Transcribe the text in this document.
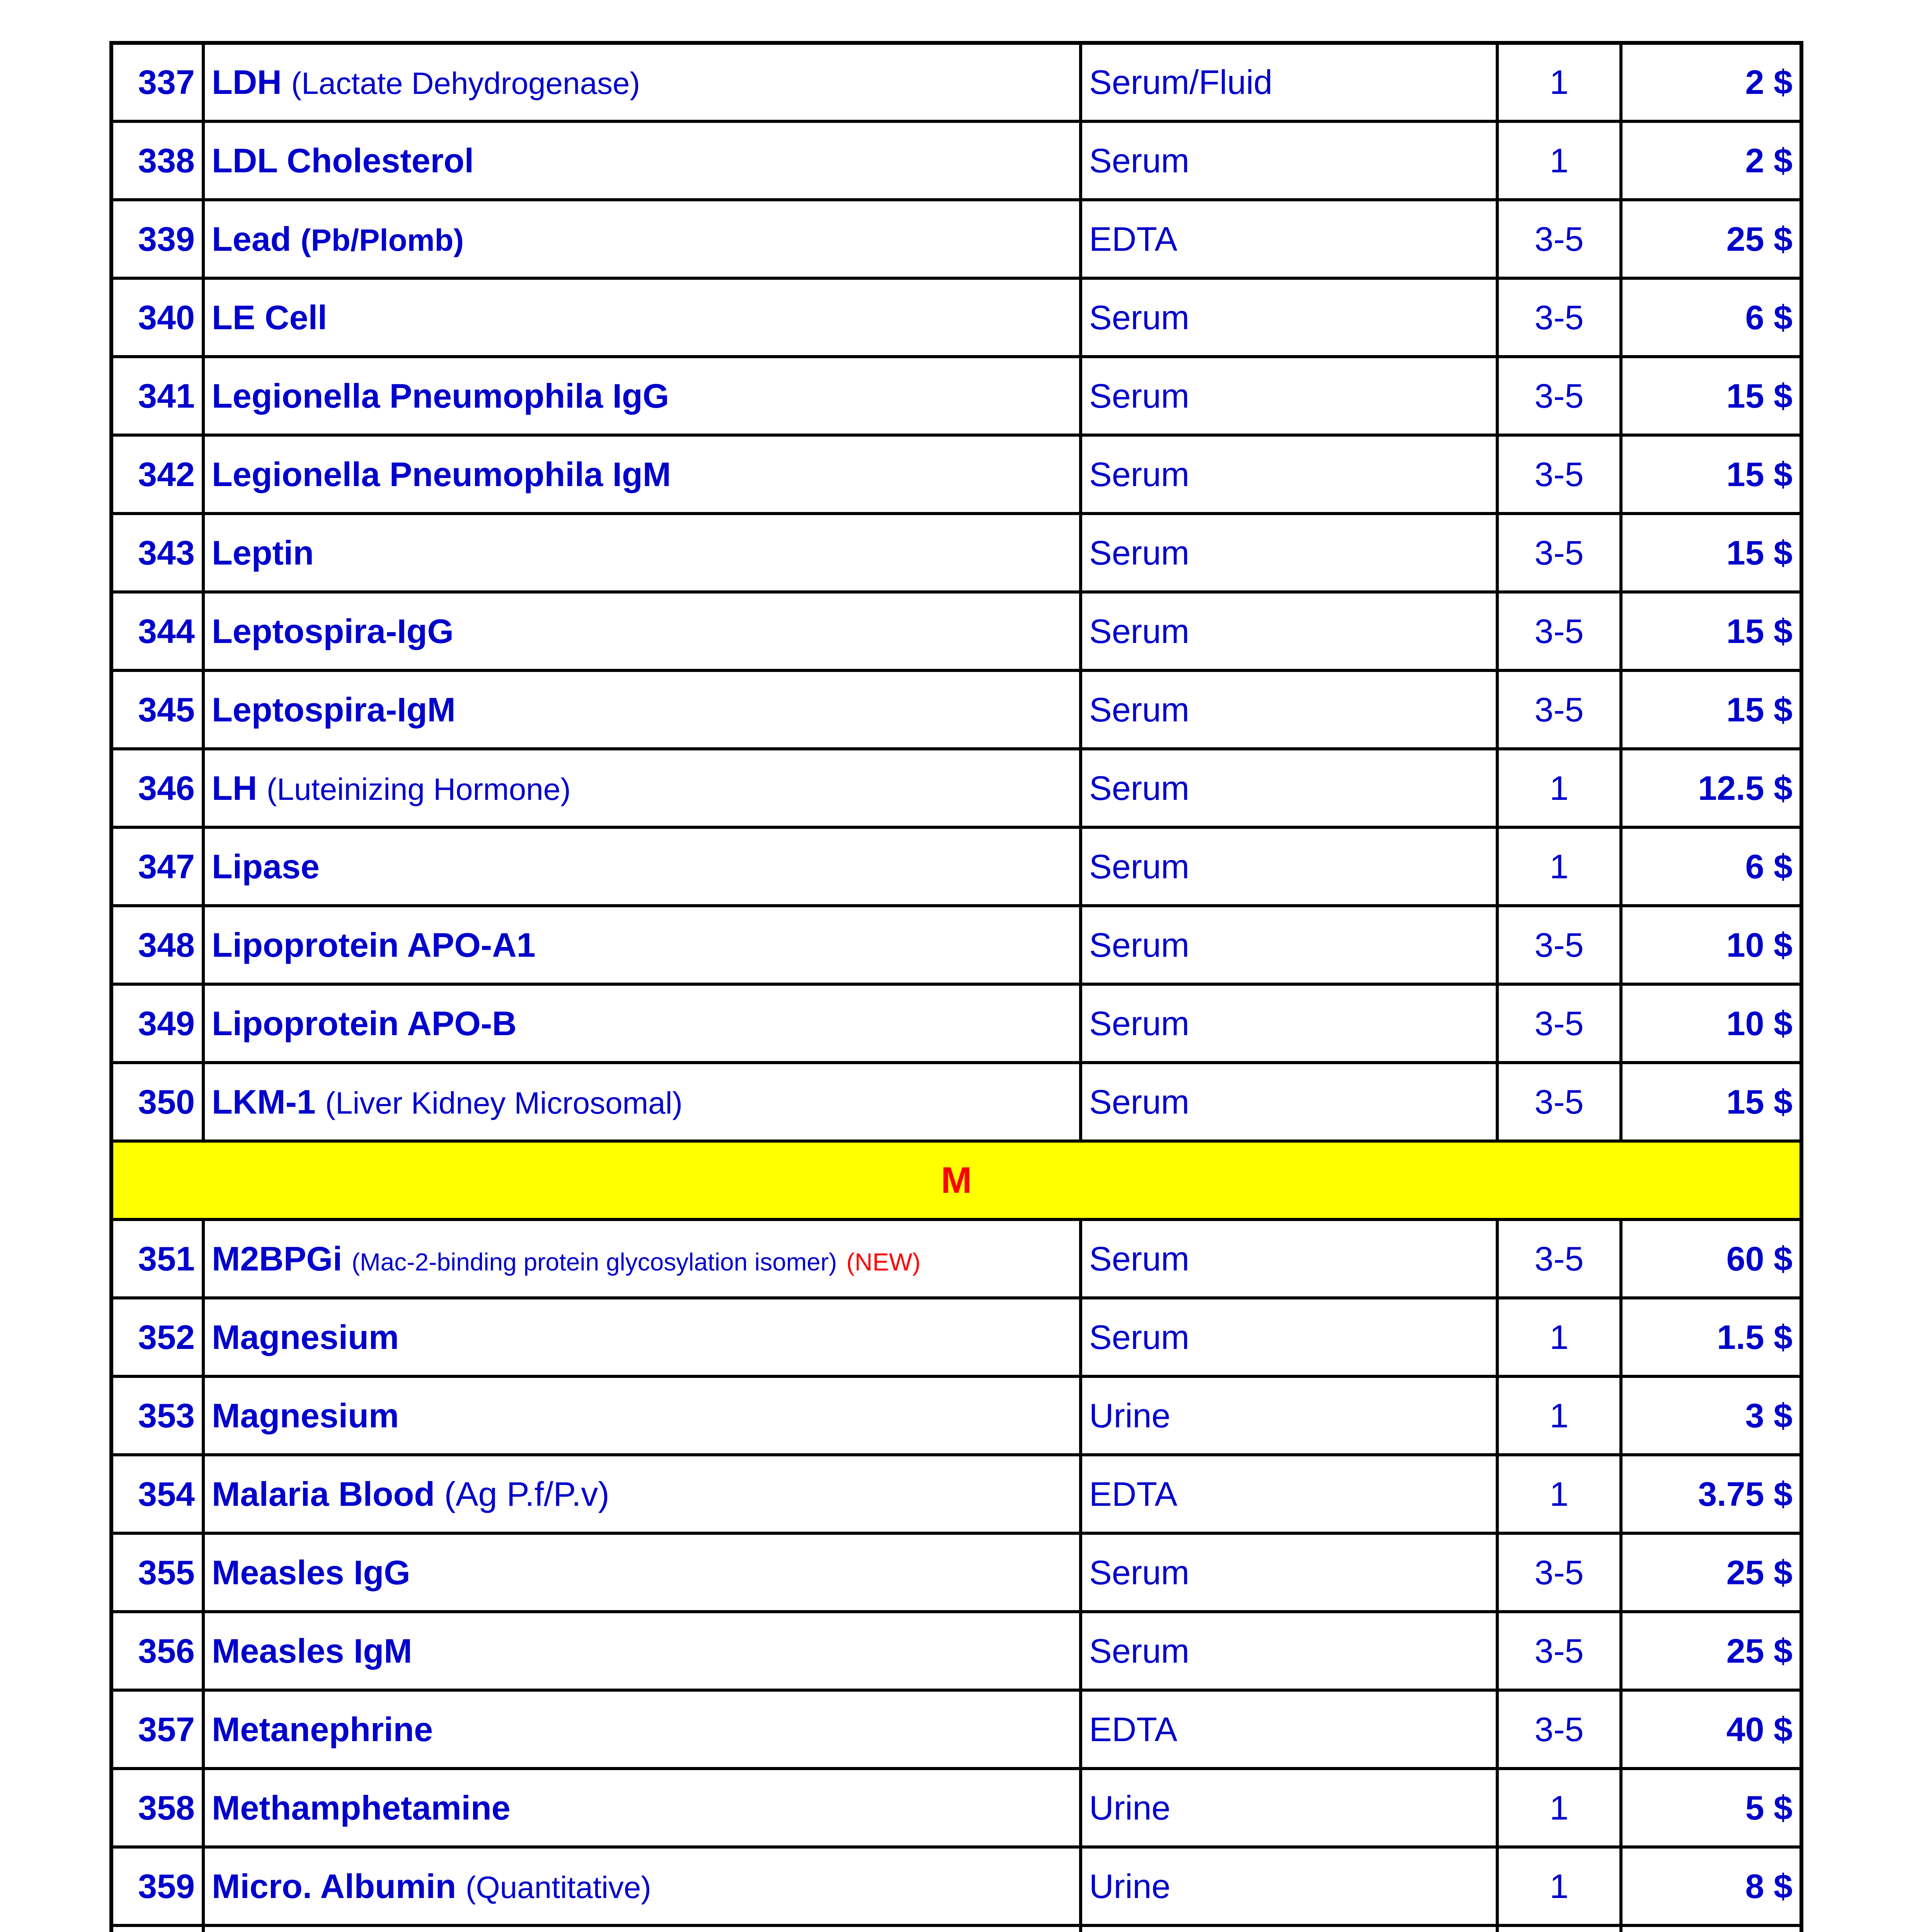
337	LDH (Lactate Dehydrogenase)	Serum/Fluid	1	2 $
338	LDL Cholesterol	Serum	1	2 $
339	Lead (Pb/Plomb)	EDTA	3-5	25 $
340	LE Cell	Serum	3-5	6 $
341	Legionella Pneumophila IgG	Serum	3-5	15 $
342	Legionella Pneumophila IgM	Serum	3-5	15 $
343	Leptin	Serum	3-5	15 $
344	Leptospira-IgG	Serum	3-5	15 $
345	Leptospira-IgM	Serum	3-5	15 $
346	LH (Luteinizing Hormone)	Serum	1	12.5 $
347	Lipase	Serum	1	6 $
348	Lipoprotein APO-A1	Serum	3-5	10 $
349	Lipoprotein APO-B	Serum	3-5	10 $
350	LKM-1 (Liver Kidney Microsomal)	Serum	3-5	15 $
M				
351	M2BPGi (Mac-2-binding protein glycosylation isomer) (NEW)	Serum	3-5	60 $
352	Magnesium	Serum	1	1.5 $
353	Magnesium	Urine	1	3 $
354	Malaria Blood (Ag P.f/P.v)	EDTA	1	3.75 $
355	Measles IgG	Serum	3-5	25 $
356	Measles IgM	Serum	3-5	25 $
357	Metanephrine	EDTA	3-5	40 $
358	Methamphetamine	Urine	1	5 $
359	Micro. Albumin (Quantitative)	Urine	1	8 $
